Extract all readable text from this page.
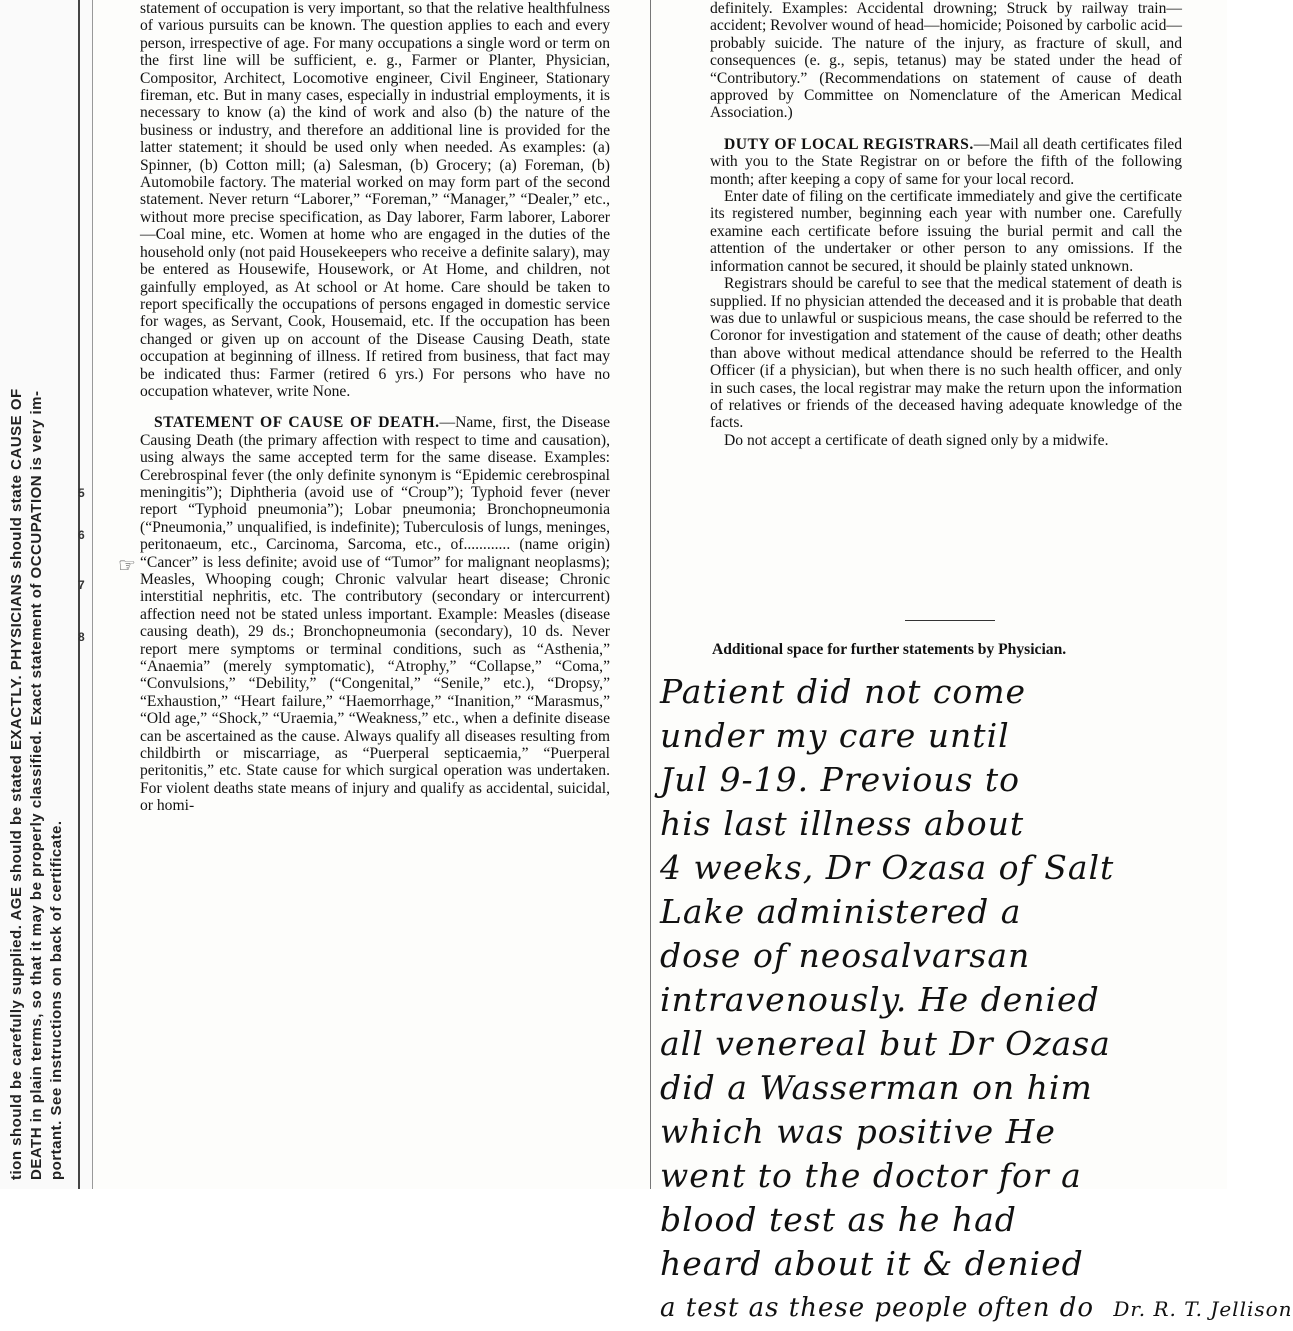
tion should be carefully supplied. AGE should be stated EXACTLY. PHYSICIANS should state CAUSE OF DEATH in plain terms, so that it may be properly classified. Exact statement of OCCUPATION is very im- portant. See instructions on back of certificate.
5
6
7
8
☞

statement of occupation is very important, so that the relative healthfulness of various pursuits can be known. The question applies to each and every person, irrespective of age. For many occupations a single word or term on the first line will be sufficient, e. g., Farmer or Planter, Physician, Compositor, Architect, Locomotive engineer, Civil Engineer, Stationary fireman, etc. But in many cases, especially in industrial employments, it is necessary to know (a) the kind of work and also (b) the nature of the business or industry, and therefore an additional line is provided for the latter statement; it should be used only when needed. As examples: (a) Spinner, (b) Cotton mill; (a) Salesman, (b) Grocery; (a) Foreman, (b) Automobile factory. The material worked on may form part of the second statement. Never return “Laborer,” “Foreman,” “Manager,” “Dealer,” etc., without more precise specification, as Day laborer, Farm laborer, Laborer—Coal mine, etc. Women at home who are engaged in the duties of the household only (not paid Housekeepers who receive a definite salary), may be entered as Housewife, Housework, or At Home, and children, not gainfully employed, as At school or At home. Care should be taken to report specifically the occupations of persons engaged in domestic service for wages, as Servant, Cook, Housemaid, etc. If the occupation has been changed or given up on account of the Disease Causing Death, state occupation at beginning of illness. If retired from business, that fact may be indicated thus: Farmer (retired 6 yrs.) For persons who have no occupation whatever, write None.

STATEMENT OF CAUSE OF DEATH.—Name, first, the Disease Causing Death (the primary affection with respect to time and causation), using always the same accepted term for the same disease. Examples: Cerebrospinal fever (the only definite synonym is “Epidemic cerebrospinal meningitis”); Diphtheria (avoid use of “Croup”); Typhoid fever (never report “Typhoid pneumonia”); Lobar pneumonia; Bronchopneumonia (“Pneumonia,” unqualified, is indefinite); Tuberculosis of lungs, meninges, peritonaeum, etc., Carcinoma, Sarcoma, etc., of............ (name origin) “Cancer” is less definite; avoid use of “Tumor” for malignant neoplasms); Measles, Whooping cough; Chronic valvular heart disease; Chronic interstitial nephritis, etc. The contributory (secondary or intercurrent) affection need not be stated unless important. Example: Measles (disease causing death), 29 ds.; Bronchopneumonia (secondary), 10 ds. Never report mere symptoms or terminal conditions, such as “Asthenia,” “Anaemia” (merely symptomatic), “Atrophy,” “Collapse,” “Coma,” “Convulsions,” “Debility,” (“Congenital,” “Senile,” etc.), “Dropsy,” “Exhaustion,” “Heart failure,” “Haemorrhage,” “Inanition,” “Marasmus,” “Old age,” “Shock,” “Uraemia,” “Weakness,” etc., when a definite disease can be ascertained as the cause. Always qualify all diseases resulting from childbirth or miscarriage, as “Puerperal septicaemia,” “Puerperal peritonitis,” etc. State cause for which surgical operation was undertaken. For violent deaths state means of injury and qualify as accidental, suicidal, or homi-

definitely. Examples: Accidental drowning; Struck by railway train—accident; Revolver wound of head—homicide; Poisoned by carbolic acid—probably suicide. The nature of the injury, as fracture of skull, and consequences (e. g., sepis, tetanus) may be stated under the head of “Contributory.” (Recommendations on statement of cause of death approved by Committee on Nomenclature of the American Medical Association.)

DUTY OF LOCAL REGISTRARS.—Mail all death certificates filed with you to the State Registrar on or before the fifth of the following month; after keeping a copy of same for your local record.

Enter date of filing on the certificate immediately and give the certificate its registered number, beginning each year with number one. Carefully examine each certificate before issuing the burial permit and call the attention of the undertaker or other person to any omissions. If the information cannot be secured, it should be plainly stated unknown.

Registrars should be careful to see that the medical statement of death is supplied. If no physician attended the deceased and it is probable that death was due to unlawful or suspicious means, the case should be referred to the Coronor for investigation and statement of the cause of death; other deaths than above without medical attendance should be referred to the Health Officer (if a physician), but when there is no such health officer, and only in such cases, the local registrar may make the return upon the information of relatives or friends of the deceased having adequate knowledge of the facts.

Do not accept a certificate of death signed only by a midwife.

Additional space for further statements by Physician.
Patient did not come
under my care until
Jul 9-19. Previous to
his last illness about
4 weeks, Dr Ozasa of Salt
Lake administered a
dose of neosalvarsan
intravenously. He denied
all venereal but Dr Ozasa
did a Wasserman on him
which was positive He
went to the doctor for a
blood test as he had
heard about it & denied
a test as these people often do Dr. R. T. Jellison
